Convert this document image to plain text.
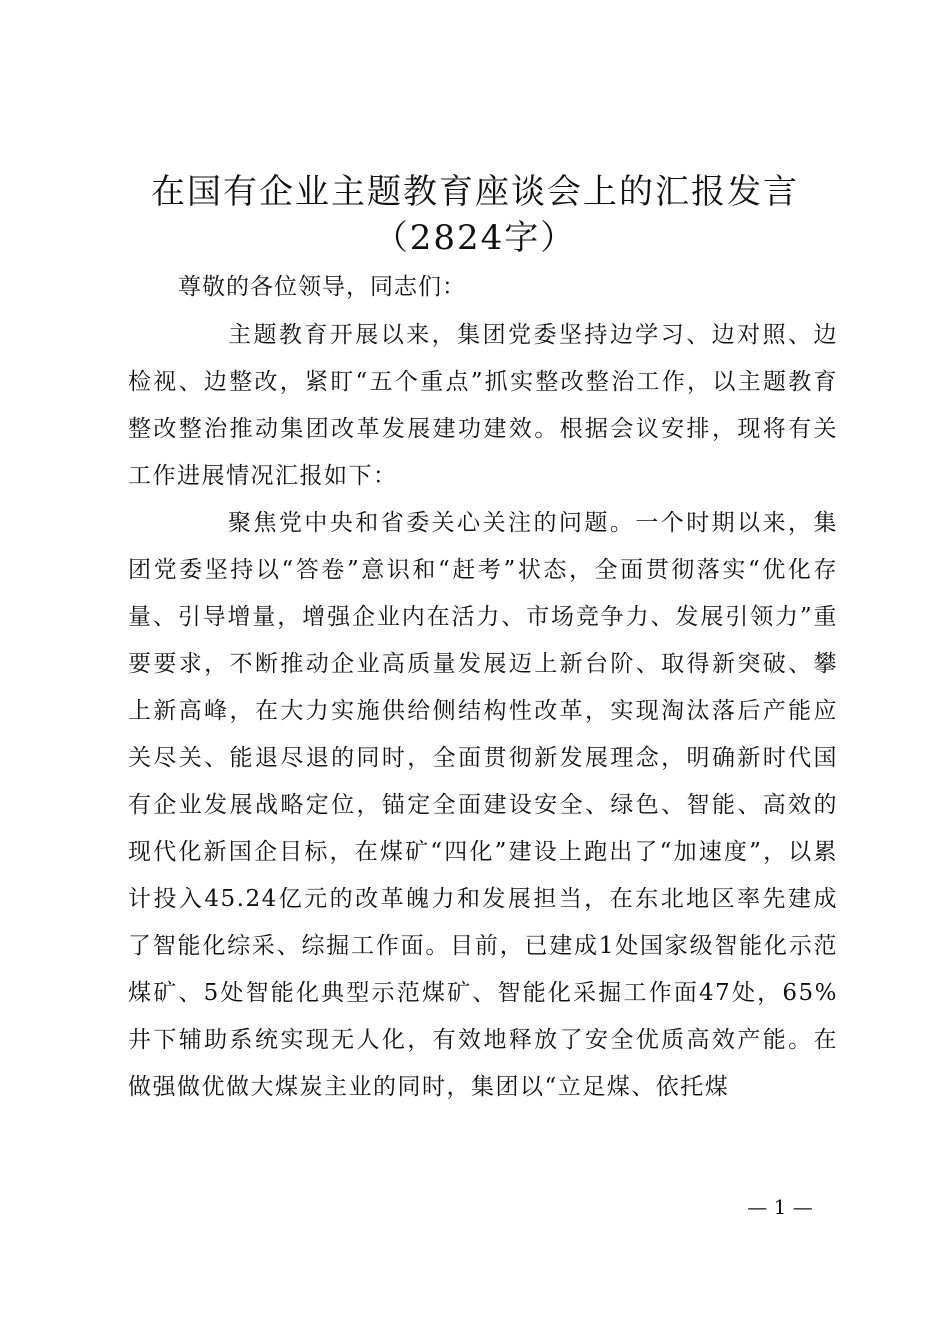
在国有企业主题教育座谈会上的汇报发言
（2824字）
尊敬的各位领导，同志们：

主题教育开展以来，集团党委坚持边学习、边对照、边检视、边整改，紧盯“五个重点”抓实整改整治工作，以主题教育整改整治推动集团改革发展建功建效。根据会议安排，现将有关工作进展情况汇报如下：

聚焦党中央和省委关心关注的问题。一个时期以来，集团党委坚持以“答卷”意识和“赶考”状态，全面贯彻落实“优化存量、引导增量，增强企业内在活力、市场竞争力、发展引领力”重要要求，不断推动企业高质量发展迈上新台阶、取得新突破、攀上新高峰，在大力实施供给侧结构性改革，实现淘汰落后产能应关尽关、能退尽退的同时，全面贯彻新发展理念，明确新时代国有企业发展战略定位，锚定全面建设安全、绿色、智能、高效的现代化新国企目标，在煤矿“四化”建设上跑出了“加速度”，以累计投入45.24亿元的改革魄力和发展担当，在东北地区率先建成了智能化综采、综掘工作面。目前，已建成1处国家级智能化示范煤矿、5处智能化典型示范煤矿、智能化采掘工作面47处，65%井下辅助系统实现无人化，有效地释放了安全优质高效产能。在做强做优做大煤炭主业的同时，集团以“立足煤、依托煤

— 1 —
